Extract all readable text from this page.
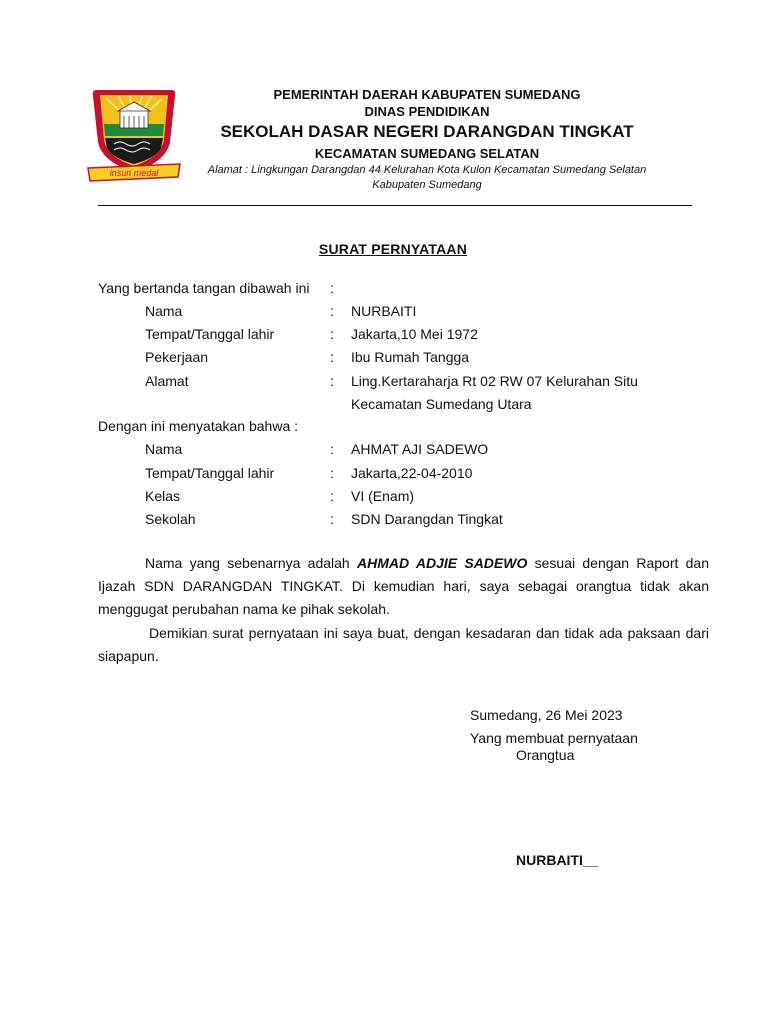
insun medal
PEMERINTAH DAERAH KABUPATEN SUMEDANG
DINAS PENDIDIKAN
SEKOLAH DASAR NEGERI DARANGDAN TINGKAT
KECAMATAN SUMEDANG SELATAN
Alamat : Lingkungan Darangdan 44 Kelurahan Kota Kulon Kecamatan Sumedang Selatan
Kabupaten Sumedang
SURAT PERNYATAAN
Yang bertanda tangan dibawah ini :
Nama	: NURBAITI
Tempat/Tanggal lahir	: Jakarta,10 Mei 1972
Pekerjaan	: Ibu Rumah Tangga
Alamat	: Ling.Kertaraharja Rt 02 RW 07 Kelurahan Situ
Kecamatan Sumedang Utara
Dengan ini menyatakan bahwa :
Nama	: AHMAT AJI SADEWO
Tempat/Tanggal lahir	: Jakarta,22-04-2010
Kelas	: VI (Enam)
Sekolah	: SDN Darangdan Tingkat
Nama yang sebenarnya adalah AHMAD ADJIE SADEWO sesuai dengan Raport dan Ijazah SDN DARANGDAN TINGKAT. Di kemudian hari, saya sebagai orangtua tidak akan menggugat perubahan nama ke pihak sekolah.
Demikian surat pernyataan ini saya buat, dengan kesadaran dan tidak ada paksaan dari siapapun.
Sumedang, 26 Mei 2023
Yang membuat pernyataan
Orangtua
NURBAITI__
